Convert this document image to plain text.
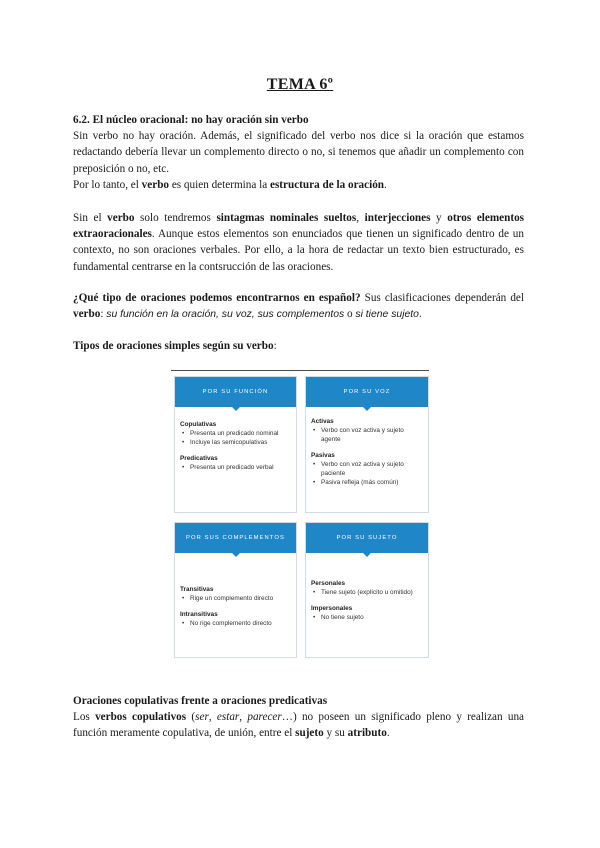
TEMA 6º

6.2. El núcleo oracional: no hay oración sin verbo

Sin verbo no hay oración. Además, el significado del verbo nos dice si la oración que estamos redactando debería llevar un complemento directo o no, si tenemos que añadir un complemento con preposición o no, etc.

Por lo tanto, el verbo es quien determina la estructura de la oración.

Sin el verbo solo tendremos sintagmas nominales sueltos, interjecciones y otros elementos extraoracionales. Aunque estos elementos son enunciados que tienen un significado dentro de un contexto, no son oraciones verbales. Por ello, a la hora de redactar un texto bien estructurado, es fundamental centrarse en la contsrucción de las oraciones.

¿Qué tipo de oraciones podemos encontrarnos en español? Sus clasificaciones dependerán del verbo: su función en la oración, su voz, sus complementos o si tiene sujeto.

Tipos de oraciones simples según su verbo:

POR SU FUNCIÓN
Copulativas
• Presenta un predicado nominal
• Incluye las semicopulativas
Predicativas
• Presenta un predicado verbal
POR SU VOZ
Activas
• Verbo con voz activa y sujeto agente
Pasivas
• Verbo con voz activa y sujeto paciente
• Pasiva refleja (más común)
POR SUS COMPLEMENTOS
Transitivas
• Rige un complemento directo
Intransitivas
• No rige complemento directo
POR SU SUJETO
Personales
• Tiene sujeto (explícito u omitido)
Impersonales
• No tiene sujeto

Oraciones copulativas frente a oraciones predicativas

Los verbos copulativos (ser, estar, parecer…) no poseen un significado pleno y realizan una función meramente copulativa, de unión, entre el sujeto y su atributo.
